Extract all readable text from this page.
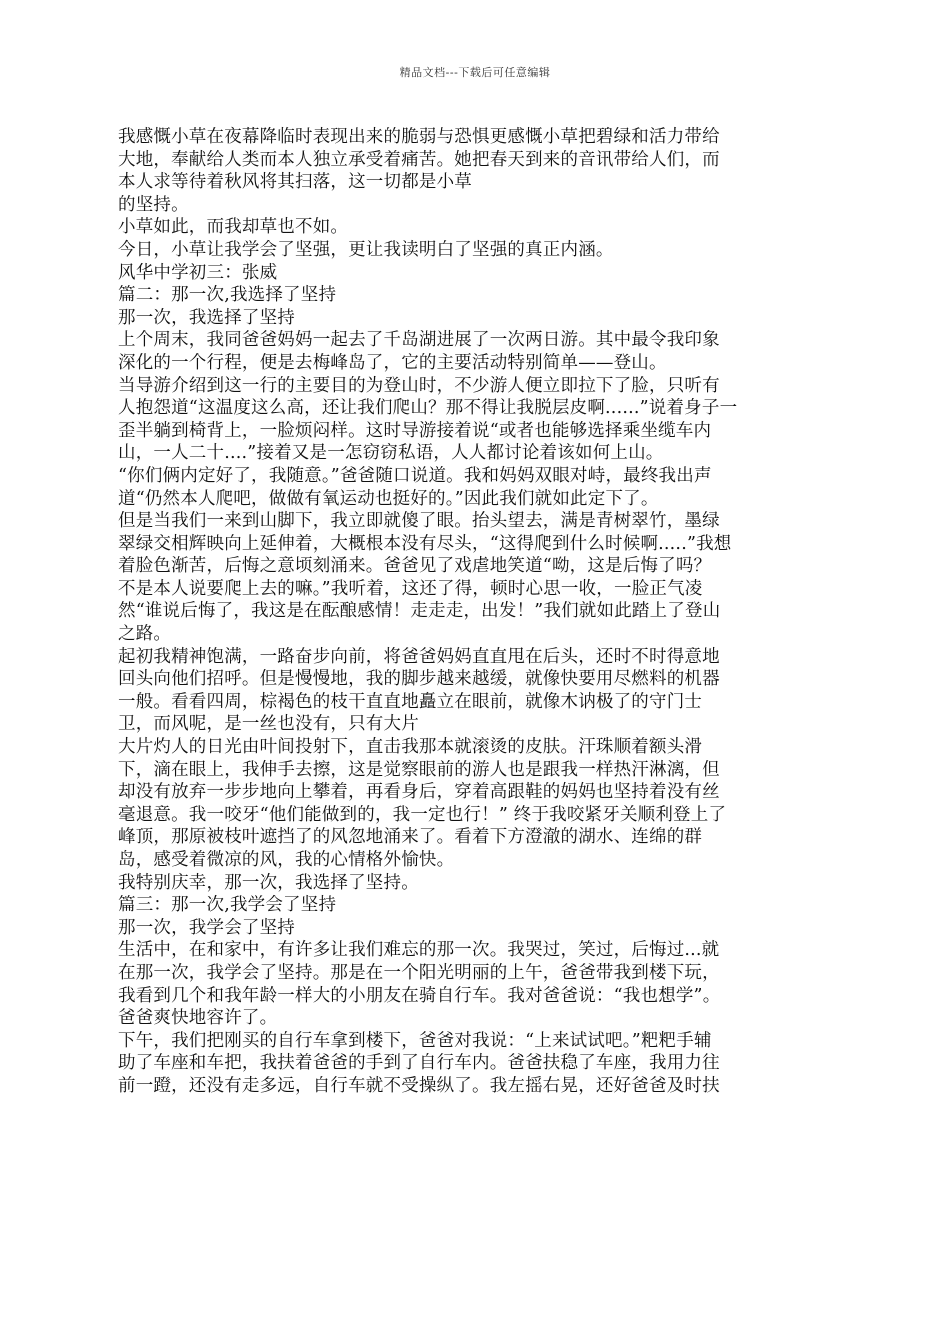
精品文档---下载后可任意编辑
我感慨小草在夜幕降临时表现出来的脆弱与恐惧更感慨小草把碧绿和活力带给
大地，奉献给人类而本人独立承受着痛苦。她把春天到来的音讯带给人们，而
本人求等待着秋风将其扫落，这一切都是小草
的坚持。
小草如此，而我却草也不如。
今日，小草让我学会了坚强，更让我读明白了坚强的真正内涵。
风华中学初三：张威
篇二：那一次,我选择了坚持
那一次，我选择了坚持
上个周末，我同爸爸妈妈一起去了千岛湖进展了一次两日游。其中最令我印象
深化的一个行程，便是去梅峰岛了，它的主要活动特别简单——登山。
当导游介绍到这一行的主要目的为登山时，不少游人便立即拉下了脸，只听有
人抱怨道“这温度这么高，还让我们爬山？那不得让我脱层皮啊......”说着身子一
歪半躺到椅背上，一脸烦闷样。这时导游接着说“或者也能够选择乘坐缆车内
山，一人二十....”接着又是一怎窃窃私语，人人都讨论着该如何上山。
“你们俩内定好了，我随意。”爸爸随口说道。我和妈妈双眼对峙，最终我出声
道“仍然本人爬吧，做做有氧运动也挺好的。”因此我们就如此定下了。
但是当我们一来到山脚下，我立即就傻了眼。抬头望去，满是青树翠竹，墨绿
翠绿交相辉映向上延伸着，大概根本没有尽头，“这得爬到什么时候啊.....”我想
着脸色渐苦，后悔之意顷刻涌来。爸爸见了戏虐地笑道“呦，这是后悔了吗？
不是本人说要爬上去的嘛。”我听着，这还了得，顿时心思一收，一脸正气凌
然“谁说后悔了，我这是在酝酿感情！走走走，出发！”我们就如此踏上了登山
之路。
起初我精神饱满，一路奋步向前，将爸爸妈妈直直甩在后头，还时不时得意地
回头向他们招呼。但是慢慢地，我的脚步越来越缓，就像快要用尽燃料的机器
一般。看看四周，棕褐色的枝干直直地矗立在眼前，就像木讷极了的守门士
卫，而风呢，是一丝也没有，只有大片
大片灼人的日光由叶间投射下，直击我那本就滚烫的皮肤。汗珠顺着额头滑
下，滴在眼上，我伸手去擦，这是觉察眼前的游人也是跟我一样热汗淋漓，但
却没有放弃一步步地向上攀着，再看身后，穿着高跟鞋的妈妈也坚持着没有丝
毫退意。我一咬牙“他们能做到的，我一定也行！” 终于我咬紧牙关顺利登上了
峰顶，那原被枝叶遮挡了的风忽地涌来了。看着下方澄澈的湖水、连绵的群
岛，感受着微凉的风，我的心情格外愉快。
我特别庆幸，那一次，我选择了坚持。
篇三：那一次,我学会了坚持
那一次，我学会了坚持
生活中，在和家中，有许多让我们难忘的那一次。我哭过，笑过，后悔过...就
在那一次，我学会了坚持。那是在一个阳光明丽的上午，爸爸带我到楼下玩，
我看到几个和我年龄一样大的小朋友在骑自行车。我对爸爸说：“我也想学”。
爸爸爽快地容许了。
下午，我们把刚买的自行车拿到楼下，爸爸对我说：“上来试试吧。”粑粑手辅
助了车座和车把，我扶着爸爸的手到了自行车内。爸爸扶稳了车座，我用力往
前一蹬，还没有走多远，自行车就不受操纵了。我左摇右晃，还好爸爸及时扶
